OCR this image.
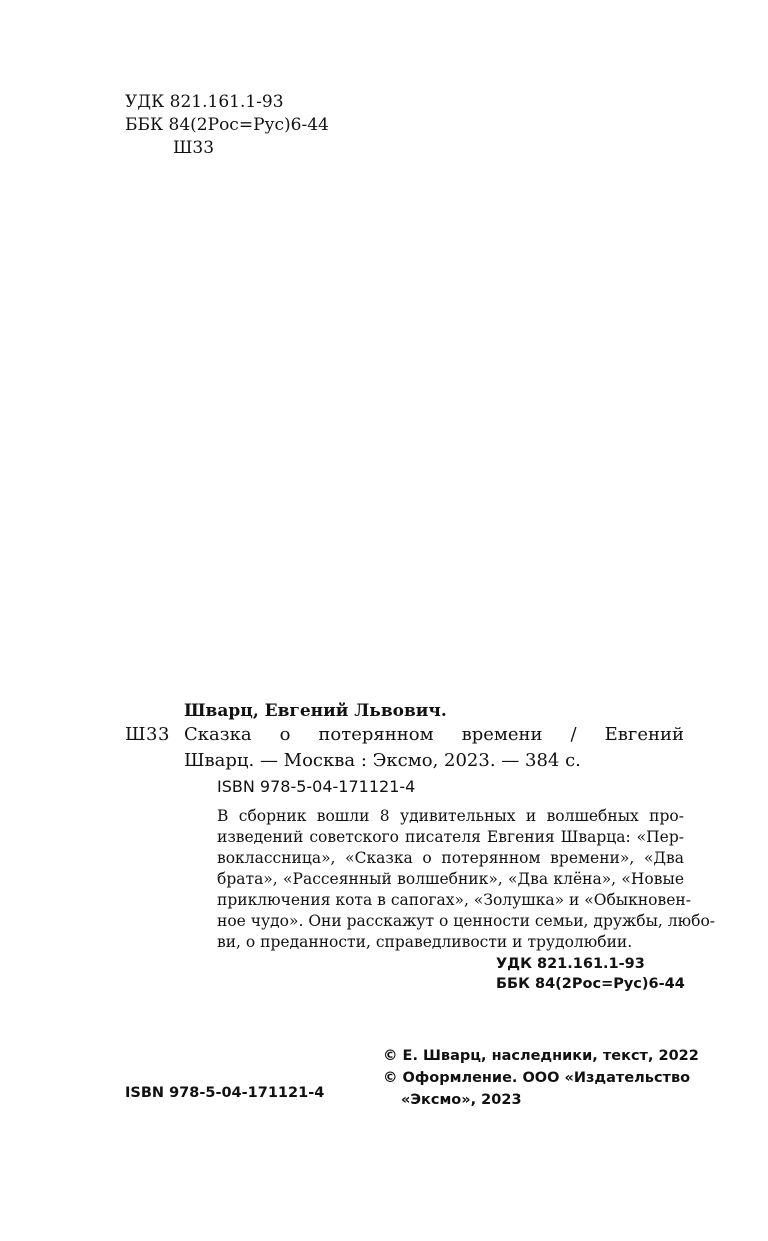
УДК 821.161.1-93
ББК 84(2Рос=Рус)6-44
Ш33
Шварц, Евгений Львович.
Ш33 Сказка о потерянном времени / Евгений
Шварц. — Москва : Эксмо, 2023. — 384 с.
ISBN 978-5-04-171121-4
В сборник вошли 8 удивительных и волшебных про-
изведений советского писателя Евгения Шварца: «Пер-
воклассница», «Сказка о потерянном времени», «Два
брата», «Рассеянный волшебник», «Два клёна», «Новые
приключения кота в сапогах», «Золушка» и «Обыкновен-
ное чудо». Они расскажут о ценности семьи, дружбы, любо-
ви, о преданности, справедливости и трудолюбии.
УДК 821.161.1-93
ББК 84(2Рос=Рус)6-44
© Е. Шварц, наследники, текст, 2022
© Оформление. ООО «Издательство
«Эксмо», 2023
ISBN 978-5-04-171121-4
